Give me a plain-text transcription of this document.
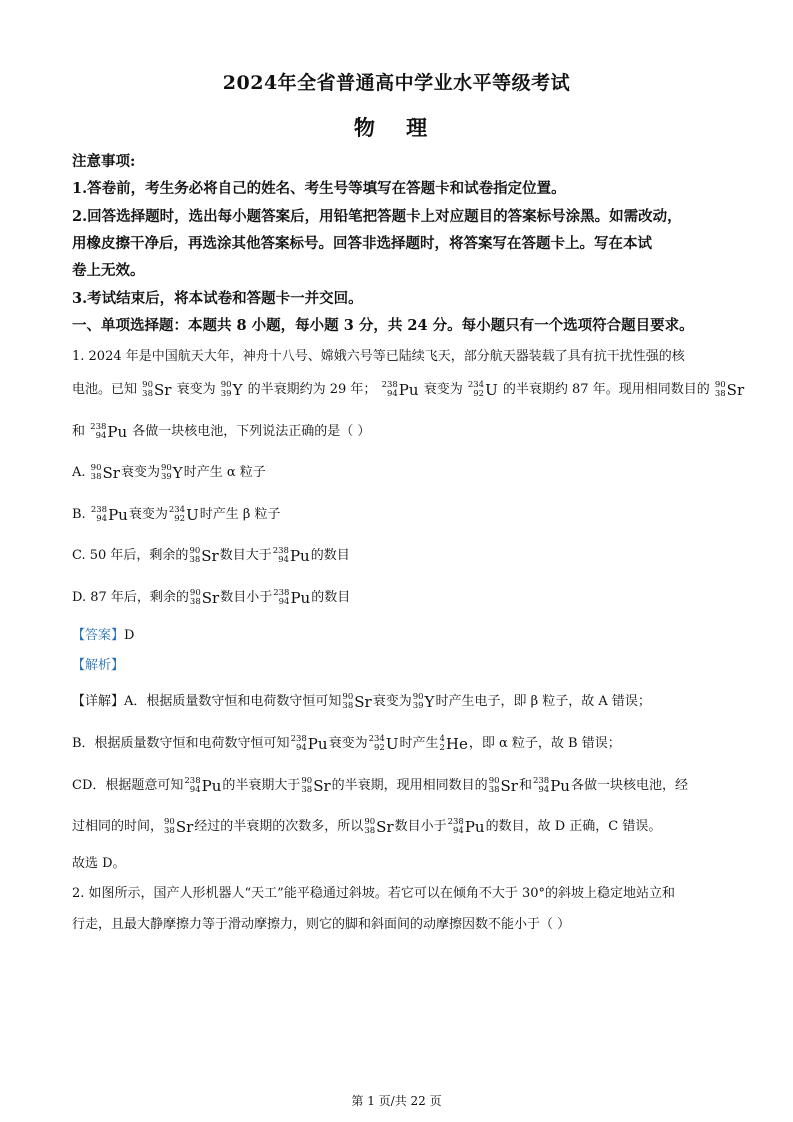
2024年全省普通高中学业水平等级考试
物 理
注意事项:
1.答卷前，考生务必将自己的姓名、考生号等填写在答题卡和试卷指定位置。
2.回答选择题时，选出每小题答案后，用铅笔把答题卡上对应题目的答案标号涂黑。如需改动，
用橡皮擦干净后，再选涂其他答案标号。回答非选择题时，将答案写在答题卡上。写在本试
卷上无效。
3.考试结束后，将本试卷和答题卡一并交回。
一、单项选择题：本题共 8 小题，每小题 3 分，共 24 分。每小题只有一个选项符合题目要求。
1. 2024 年是中国航天大年，神舟十八号、嫦娥六号等已陆续飞天，部分航天器装载了具有抗干扰性强的核
电池。已知 90
38 Sr 衰变为 90
39 Y 的半衰期约为 29 年； 238
94 Pu 衰变为 234
92 U 的半衰期约 87 年。现用相同数目的 90
38 Sr
和 238
94 Pu 各做一块核电池，下列说法正确的是（ ）
A. 90
38 Sr 衰变为 90
39 Y 时产生 α 粒子
B. 238
94 Pu 衰变为 234
92 U 时产生 β 粒子
C. 50 年后，剩余的 90
38 Sr 数目大于 238
94 Pu 的数目
D. 87 年后，剩余的 90
38 Sr 数目小于 238
94 Pu 的数目
【答案】D
【解析】
【详解】A．根据质量数守恒和电荷数守恒可知 90
38 Sr 衰变为 90
39 Y 时产生电子，即 β 粒子，故 A 错误；
B．根据质量数守恒和电荷数守恒可知 238
94 Pu 衰变为 234
92 U 时产生 4
2 He ，即 α 粒子，故 B 错误；
CD．根据题意可知 238
94 Pu 的半衰期大于 90
38 Sr 的半衰期，现用相同数目的 90
38 Sr 和 238
94 Pu 各做一块核电池，经
过相同的时间， 90
38 Sr 经过的半衰期的次数多，所以 90
38 Sr 数目小于 238
94 Pu 的数目，故 D 正确，C 错误。
故选 D。
2. 如图所示，国产人形机器人“天工”能平稳通过斜坡。若它可以在倾角不大于 30°的斜坡上稳定地站立和
行走，且最大静摩擦力等于滑动摩擦力，则它的脚和斜面间的动摩擦因数不能小于（ ）
第 1 页/共 22 页
